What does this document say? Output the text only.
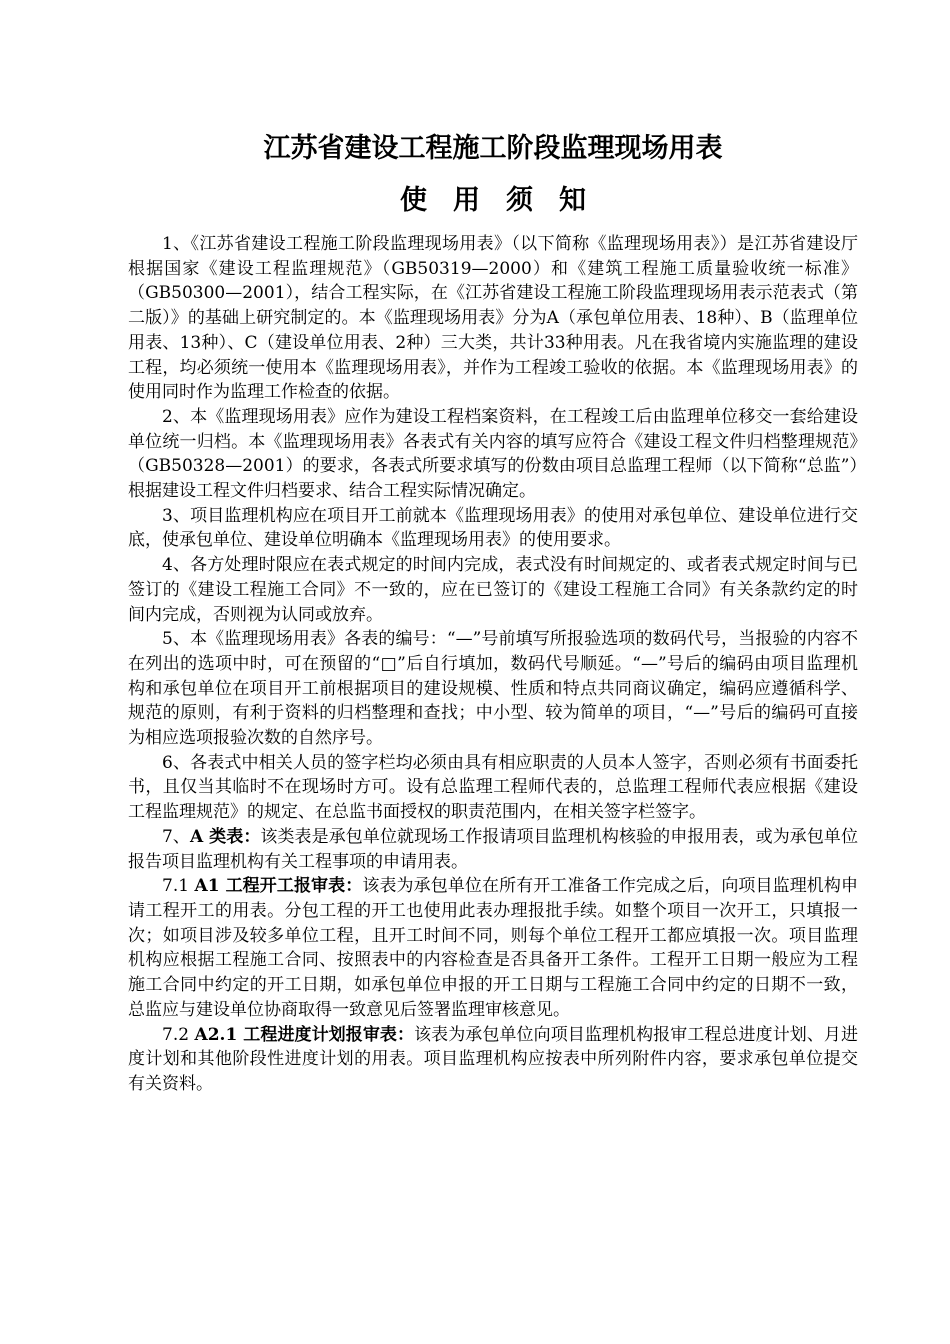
江苏省建设工程施工阶段监理现场用表
使用须知

1、《江苏省建设工程施工阶段监理现场用表》（以下简称《监理现场用表》）是江苏省建设厅根据国家《建设工程监理规范》（GB50319—2000）和《建筑工程施工质量验收统一标准》（GB50300—2001），结合工程实际，在《江苏省建设工程施工阶段监理现场用表示范表式（第二版）》的基础上研究制定的。本《监理现场用表》分为A（承包单位用表、18种）、B（监理单位用表、13种）、C（建设单位用表、2种）三大类，共计33种用表。凡在我省境内实施监理的建设工程，均必须统一使用本《监理现场用表》，并作为工程竣工验收的依据。本《监理现场用表》的使用同时作为监理工作检查的依据。

2、本《监理现场用表》应作为建设工程档案资料，在工程竣工后由监理单位移交一套给建设单位统一归档。本《监理现场用表》各表式有关内容的填写应符合《建设工程文件归档整理规范》（GB50328—2001）的要求，各表式所要求填写的份数由项目总监理工程师（以下简称“总监”）根据建设工程文件归档要求、结合工程实际情况确定。

3、项目监理机构应在项目开工前就本《监理现场用表》的使用对承包单位、建设单位进行交底，使承包单位、建设单位明确本《监理现场用表》的使用要求。

4、各方处理时限应在表式规定的时间内完成，表式没有时间规定的、或者表式规定时间与已签订的《建设工程施工合同》不一致的，应在已签订的《建设工程施工合同》有关条款约定的时间内完成，否则视为认同或放弃。

5、本《监理现场用表》各表的编号：“—”号前填写所报验选项的数码代号，当报验的内容不在列出的选项中时，可在预留的“□”后自行填加，数码代号顺延。“—”号后的编码由项目监理机构和承包单位在项目开工前根据项目的建设规模、性质和特点共同商议确定，编码应遵循科学、规范的原则，有利于资料的归档整理和查找；中小型、较为简单的项目，“—”号后的编码可直接为相应选项报验次数的自然序号。

6、各表式中相关人员的签字栏均必须由具有相应职责的人员本人签字，否则必须有书面委托书，且仅当其临时不在现场时方可。设有总监理工程师代表的，总监理工程师代表应根据《建设工程监理规范》的规定、在总监书面授权的职责范围内，在相关签字栏签字。

7、A 类表：该类表是承包单位就现场工作报请项目监理机构核验的申报用表，或为承包单位报告项目监理机构有关工程事项的申请用表。

7.1 A1 工程开工报审表：该表为承包单位在所有开工准备工作完成之后，向项目监理机构申请工程开工的用表。分包工程的开工也使用此表办理报批手续。如整个项目一次开工，只填报一次；如项目涉及较多单位工程，且开工时间不同，则每个单位工程开工都应填报一次。项目监理机构应根据工程施工合同、按照表中的内容检查是否具备开工条件。工程开工日期一般应为工程施工合同中约定的开工日期，如承包单位申报的开工日期与工程施工合同中约定的日期不一致，总监应与建设单位协商取得一致意见后签署监理审核意见。

7.2 A2.1 工程进度计划报审表：该表为承包单位向项目监理机构报审工程总进度计划、月进度计划和其他阶段性进度计划的用表。项目监理机构应按表中所列附件内容，要求承包单位提交有关资料。
